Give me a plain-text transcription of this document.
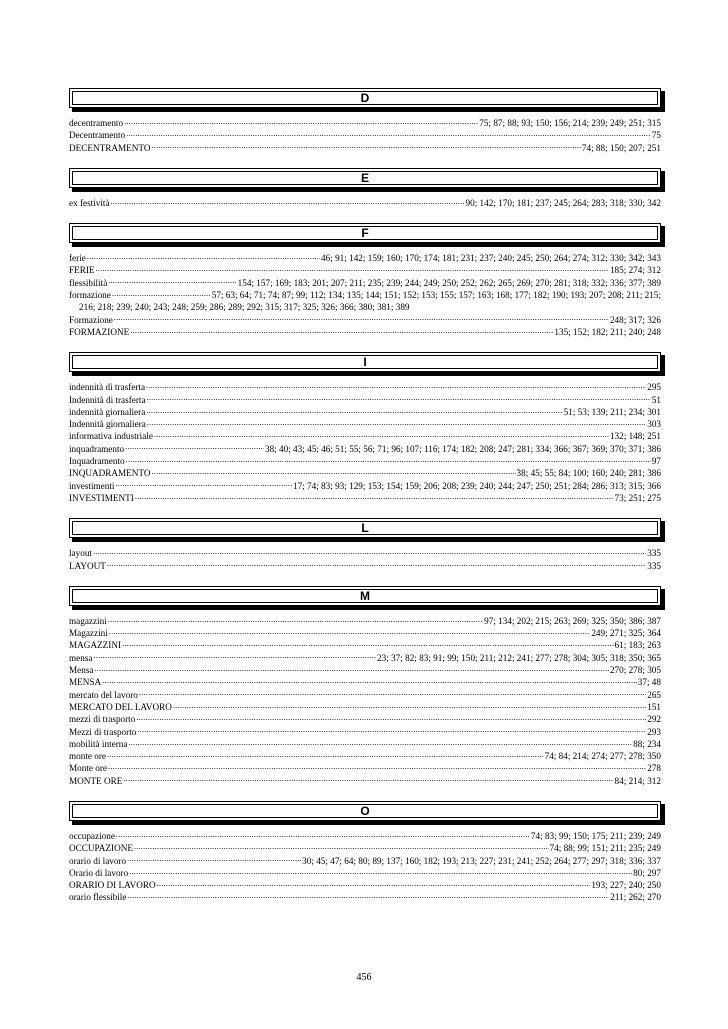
D
decentramento .....	75; 87; 88; 93; 150; 156; 214; 239; 249; 251; 315
Decentramento .....	75
DECENTRAMENTO .....	74; 88; 150; 207; 251
E
ex festività .....	90; 142; 170; 181; 237; 245; 264; 283; 318; 330; 342
F
ferie .....	46; 91; 142; 159; 160; 170; 174; 181; 231; 237; 240; 245; 250; 264; 274; 312; 330; 342; 343
FERIE .....	185; 274; 312
flessibilità .....	154; 157; 169; 183; 201; 207; 211; 235; 239; 244; 249; 250; 252; 262; 265; 269; 270; 281; 318; 332; 336; 377; 389
formazione .....	57; 63; 64; 71; 74; 87; 99; 112; 134; 135; 144; 151; 152; 153; 155; 157; 163; 168; 177; 182; 190; 193; 207; 208; 211; 215;
216; 218; 239; 240; 243; 248; 259; 286; 289; 292; 315; 317; 325; 326; 366; 380; 381; 389
Formazione .....	248; 317; 326
FORMAZIONE .....	135; 152; 182; 211; 240; 248
I
indennità di trasferta .....	295
Indennità di trasferta .....	51
indennità giornaliera .....	51; 53; 139; 211; 234; 301
Indennità giornaliera .....	303
informativa industriale .....	132; 148; 251
inquadramento .....	38; 40; 43; 45; 46; 51; 55; 56; 71; 96; 107; 116; 174; 182; 208; 247; 281; 334; 366; 367; 369; 370; 371; 386
Inquadramento .....	97
INQUADRAMENTO .....	38; 45; 55; 84; 100; 160; 240; 281; 386
investimenti .....	17; 74; 83; 93; 129; 153; 154; 159; 206; 208; 239; 240; 244; 247; 250; 251; 284; 286; 313; 315; 366
INVESTIMENTI .....	73; 251; 275
L
layout .....	335
LAYOUT .....	335
M
magazzini .....	97; 134; 202; 215; 263; 269; 325; 350; 386; 387
Magazzini .....	249; 271; 325; 364
MAGAZZINI .....	61; 183; 263
mensa .....	23; 37; 82; 83; 91; 99; 150; 211; 212; 241; 277; 278; 304; 305; 318; 350; 365
Mensa .....	270; 278; 305
MENSA .....	37; 48
mercato del lavoro .....	265
MERCATO DEL LAVORO .....	151
mezzi di trasporto .....	292
Mezzi di trasporto .....	293
mobilità interna .....	88; 234
monte ore .....	74; 84; 214; 274; 277; 278; 350
Monte ore .....	278
MONTE ORE .....	84; 214; 312
O
occupazione .....	74; 83; 99; 150; 175; 211; 239; 249
OCCUPAZIONE .....	74; 88; 99; 151; 211; 235; 249
orario di lavoro .....	30; 45; 47; 64; 80; 89; 137; 160; 182; 193; 213; 227; 231; 241; 252; 264; 277; 297; 318; 336; 337
Orario di lavoro .....	80; 297
ORARIO DI LAVORO .....	193; 227; 240; 250
orario flessibile .....	211; 262; 270
456
